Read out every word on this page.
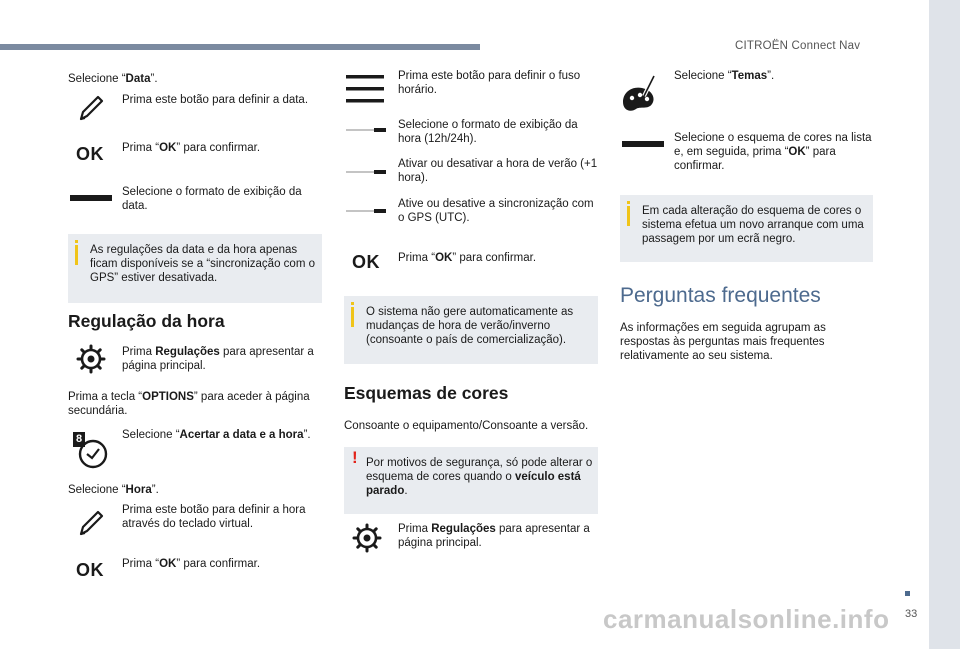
CITROËN Connect Nav
Selecione “Data”.
Prima este botão para definir a data.
OK Prima “OK” para confirmar.
Selecione o formato de exibição da data.
As regulações da data e da hora apenas ficam disponíveis se a “sincronização com o GPS” estiver desativada.
Regulação da hora
Prima Regulações para apresentar a página principal.
Prima a tecla “OPTIONS” para aceder à página secundária.
8	Selecione “Acertar a data e a hora”.
Selecione “Hora”.
Prima este botão para definir a hora através do teclado virtual.
OK Prima “OK” para confirmar.
Prima este botão para definir o fuso horário.
Selecione o formato de exibição da hora (12h/24h).
Ativar ou desativar a hora de verão (+1 hora).
Ative ou desative a sincronização com o GPS (UTC).
OK Prima “OK” para confirmar.
O sistema não gere automaticamente as mudanças de hora de verão/inverno (consoante o país de comercialização).
Esquemas de cores
Consoante o equipamento/Consoante a versão.
! Por motivos de segurança, só pode alterar o esquema de cores quando o veículo está parado.
Prima Regulações para apresentar a página principal.
Selecione “Temas”.
Selecione o esquema de cores na lista e, em seguida, prima “OK” para confirmar.
Em cada alteração do esquema de cores o sistema efetua um novo arranque com uma passagem por um ecrã negro.
Perguntas frequentes
As informações em seguida agrupam as respostas às perguntas mais frequentes relativamente ao seu sistema.
33
carmanualsonline.info
